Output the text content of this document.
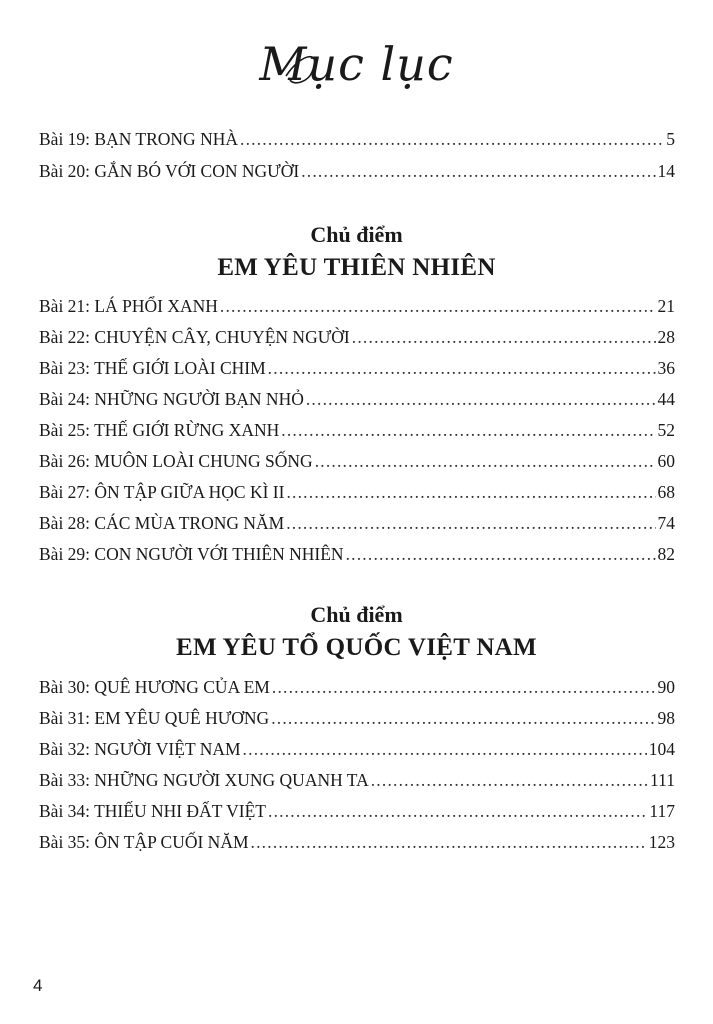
Mục lục
Bài 19: BẠN TRONG NHÀ .....	5
Bài 20: GẮN BÓ VỚI CON NGƯỜI .....	14
Chủ điểm
EM YÊU THIÊN NHIÊN
Bài 21: LÁ PHỔI XANH .....	21
Bài 22: CHUYỆN CÂY, CHUYỆN NGƯỜI .....	28
Bài 23: THẾ GIỚI LOÀI CHIM .....	36
Bài 24: NHỮNG NGƯỜI BẠN NHỎ .....	44
Bài 25: THẾ GIỚI RỪNG XANH .....	52
Bài 26: MUÔN LOÀI CHUNG SỐNG .....	60
Bài 27: ÔN TẬP GIỮA HỌC KÌ II .....	68
Bài 28: CÁC MÙA TRONG NĂM .....	74
Bài 29: CON NGƯỜI VỚI THIÊN NHIÊN .....	82
Chủ điểm
EM YÊU TỔ QUỐC VIỆT NAM
Bài 30: QUÊ HƯƠNG CỦA EM .....	90
Bài 31: EM YÊU QUÊ HƯƠNG .....	98
Bài 32: NGƯỜI VIỆT NAM .....	104
Bài 33: NHỮNG NGƯỜI XUNG QUANH TA .....	111
Bài 34: THIẾU NHI ĐẤT VIỆT .....	117
Bài 35: ÔN TẬP CUỐI NĂM .....	123
4
